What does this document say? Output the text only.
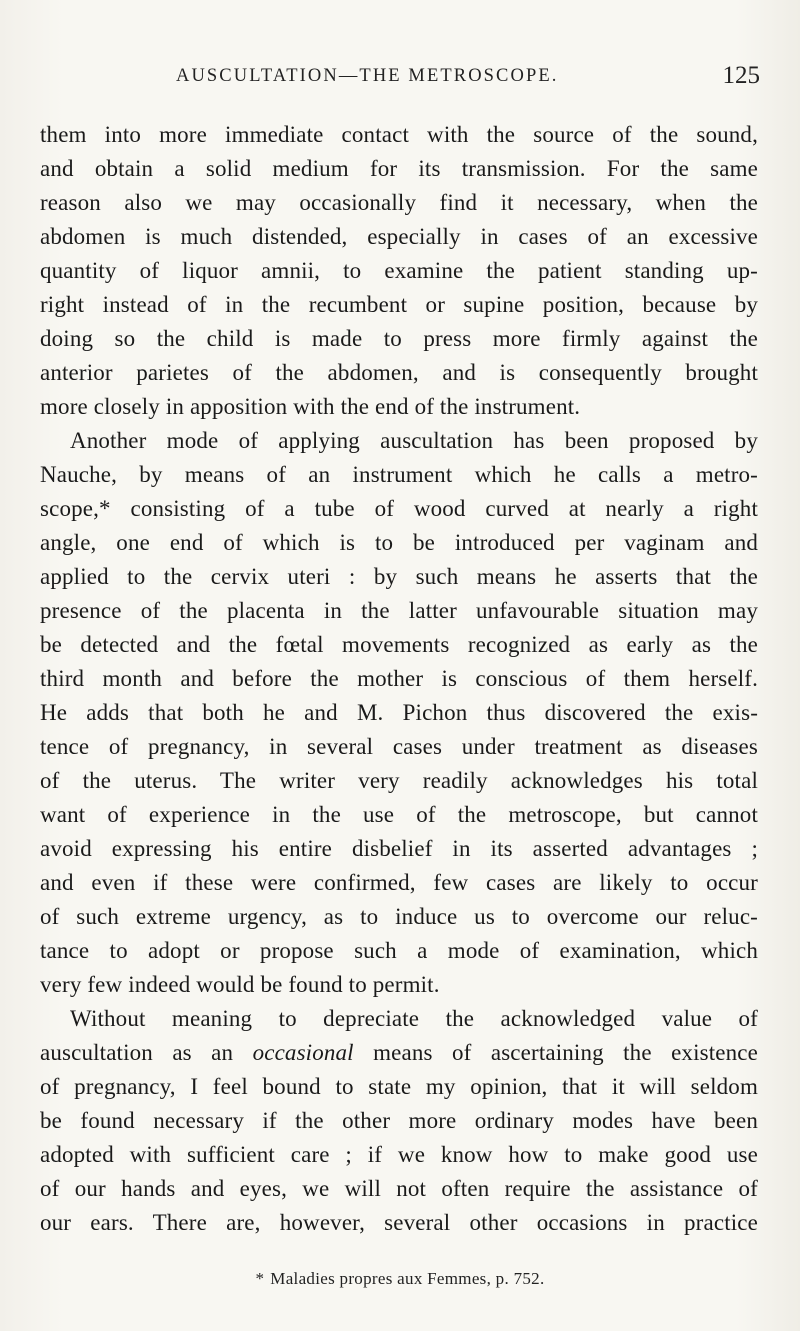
AUSCULTATION—THE METROSCOPE.	125
them into more immediate contact with the source of the sound,
and obtain a solid medium for its transmission. For the same
reason also we may occasionally find it necessary, when the
abdomen is much distended, especially in cases of an excessive
quantity of liquor amnii, to examine the patient standing up-
right instead of in the recumbent or supine position, because by
doing so the child is made to press more firmly against the
anterior parietes of the abdomen, and is consequently brought
more closely in apposition with the end of the instrument.
Another mode of applying auscultation has been proposed by
Nauche, by means of an instrument which he calls a metro-
scope,* consisting of a tube of wood curved at nearly a right
angle, one end of which is to be introduced per vaginam and
applied to the cervix uteri : by such means he asserts that the
presence of the placenta in the latter unfavourable situation may
be detected and the fœtal movements recognized as early as the
third month and before the mother is conscious of them herself.
He adds that both he and M. Pichon thus discovered the exis-
tence of pregnancy, in several cases under treatment as diseases
of the uterus. The writer very readily acknowledges his total
want of experience in the use of the metroscope, but cannot
avoid expressing his entire disbelief in its asserted advantages ;
and even if these were confirmed, few cases are likely to occur
of such extreme urgency, as to induce us to overcome our reluc-
tance to adopt or propose such a mode of examination, which
very few indeed would be found to permit.
Without meaning to depreciate the acknowledged value of
auscultation as an occasional means of ascertaining the existence
of pregnancy, I feel bound to state my opinion, that it will seldom
be found necessary if the other more ordinary modes have been
adopted with sufficient care ; if we know how to make good use
of our hands and eyes, we will not often require the assistance of
our ears. There are, however, several other occasions in practice
* Maladies propres aux Femmes, p. 752.
